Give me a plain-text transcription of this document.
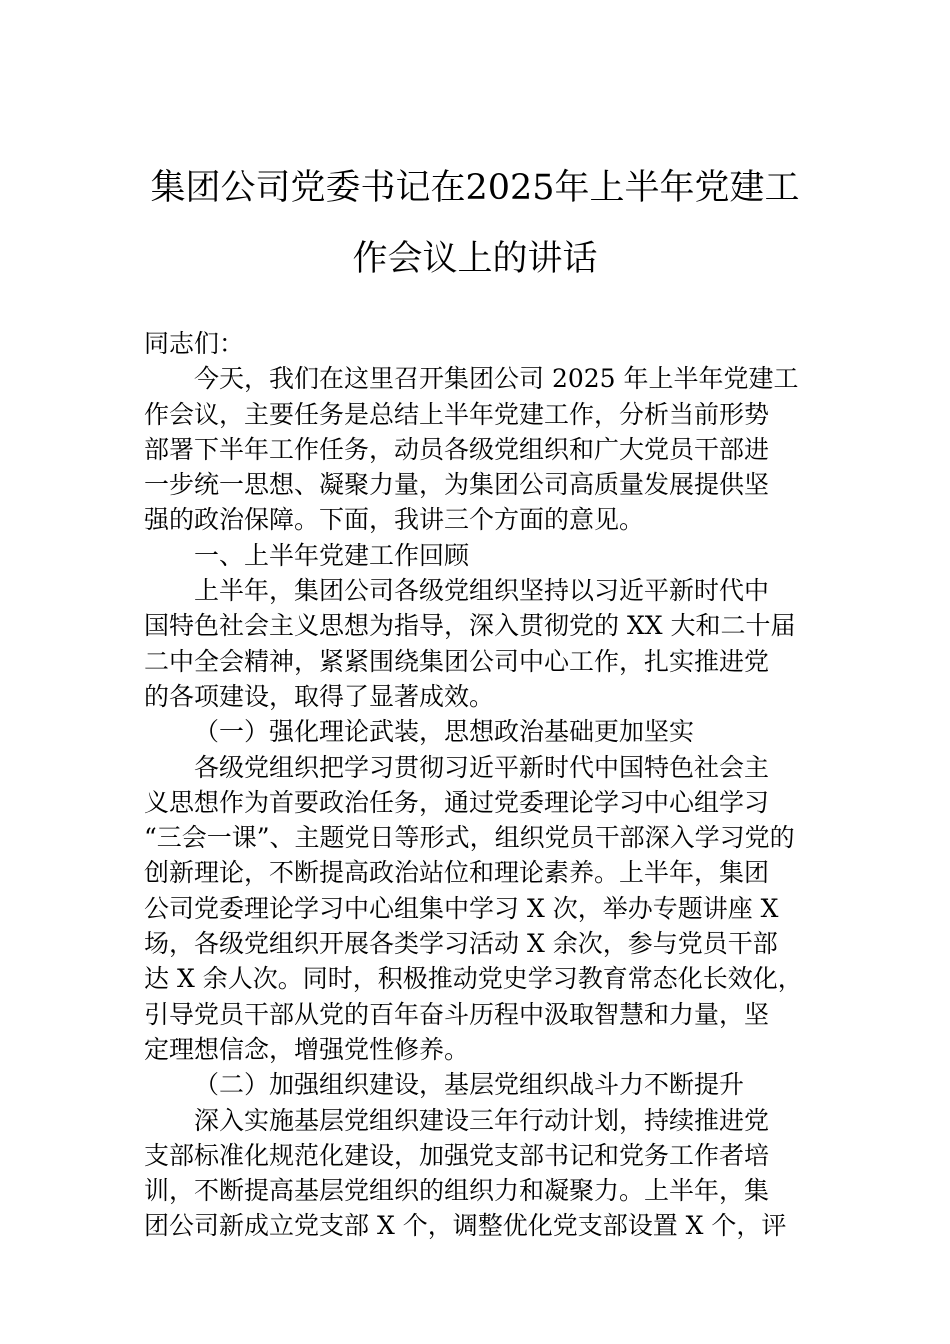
集团公司党委书记在2025年上半年党建工
作会议上的讲话
同志们：
今天，我们在这里召开集团公司 2025 年上半年党建工
作会议，主要任务是总结上半年党建工作，分析当前形势
部署下半年工作任务，动员各级党组织和广大党员干部进
一步统一思想、凝聚力量，为集团公司高质量发展提供坚
强的政治保障。下面，我讲三个方面的意见。
一、上半年党建工作回顾
上半年，集团公司各级党组织坚持以习近平新时代中
国特色社会主义思想为指导，深入贯彻党的 XX 大和二十届
二中全会精神，紧紧围绕集团公司中心工作，扎实推进党
的各项建设，取得了显著成效。
（一）强化理论武装，思想政治基础更加坚实
各级党组织把学习贯彻习近平新时代中国特色社会主
义思想作为首要政治任务，通过党委理论学习中心组学习
“三会一课”、主题党日等形式，组织党员干部深入学习党的
创新理论，不断提高政治站位和理论素养。上半年，集团
公司党委理论学习中心组集中学习 X 次，举办专题讲座 X
场，各级党组织开展各类学习活动 X 余次，参与党员干部
达 X 余人次。同时，积极推动党史学习教育常态化长效化，
引导党员干部从党的百年奋斗历程中汲取智慧和力量，坚
定理想信念，增强党性修养。
（二）加强组织建设，基层党组织战斗力不断提升
深入实施基层党组织建设三年行动计划，持续推进党
支部标准化规范化建设，加强党支部书记和党务工作者培
训，不断提高基层党组织的组织力和凝聚力。上半年，集
团公司新成立党支部 X 个，调整优化党支部设置 X 个，评
